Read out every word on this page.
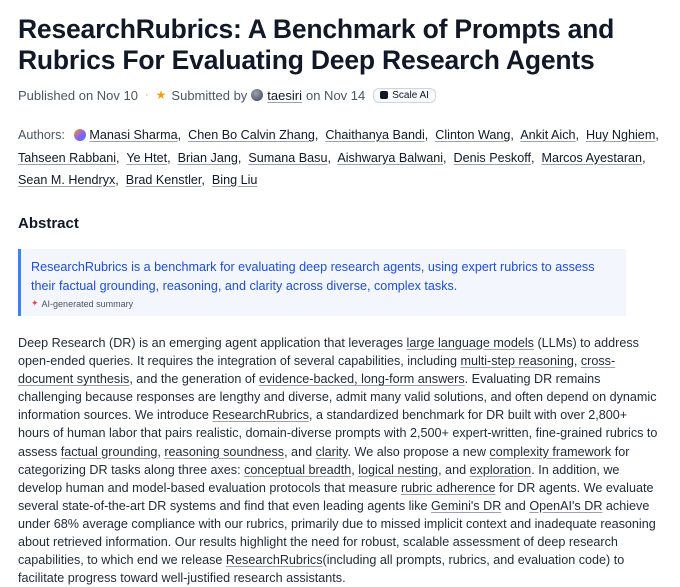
ResearchRubrics: A Benchmark of Prompts and Rubrics For Evaluating Deep Research Agents
Published on Nov 10 · ★ Submitted by taesiri on Nov 14	Scale AI
Authors: Manasi Sharma,  Chen Bo Calvin Zhang,  Chaithanya Bandi,  Clinton Wang,  Ankit Aich,  Huy Nghiem,  Tahseen Rabbani,  Ye Htet,  Brian Jang,  Sumana Basu,  Aishwarya Balwani,  Denis Peskoff,  Marcos Ayestaran,  Sean M. Hendryx,  Brad Kenstler,  Bing Liu
Abstract

ResearchRubrics is a benchmark for evaluating deep research agents, using expert rubrics to assess their factual grounding, reasoning, and clarity across diverse, complex tasks.

✦ AI-generated summary

Deep Research (DR) is an emerging agent application that leverages large language models (LLMs) to address open-ended queries. It requires the integration of several capabilities, including multi-step reasoning, cross-document synthesis, and the generation of evidence-backed, long-form answers. Evaluating DR remains challenging because responses are lengthy and diverse, admit many valid solutions, and often depend on dynamic information sources. We introduce ResearchRubrics, a standardized benchmark for DR built with over 2,800+ hours of human labor that pairs realistic, domain-diverse prompts with 2,500+ expert-written, fine-grained rubrics to assess factual grounding, reasoning soundness, and clarity. We also propose a new complexity framework for categorizing DR tasks along three axes: conceptual breadth, logical nesting, and exploration. In addition, we develop human and model-based evaluation protocols that measure rubric adherence for DR agents. We evaluate several state-of-the-art DR systems and find that even leading agents like Gemini's DR and OpenAI's DR achieve under 68% average compliance with our rubrics, primarily due to missed implicit context and inadequate reasoning about retrieved information. Our results highlight the need for robust, scalable assessment of deep research capabilities, to which end we release ResearchRubrics(including all prompts, rubrics, and evaluation code) to facilitate progress toward well-justified research assistants.
